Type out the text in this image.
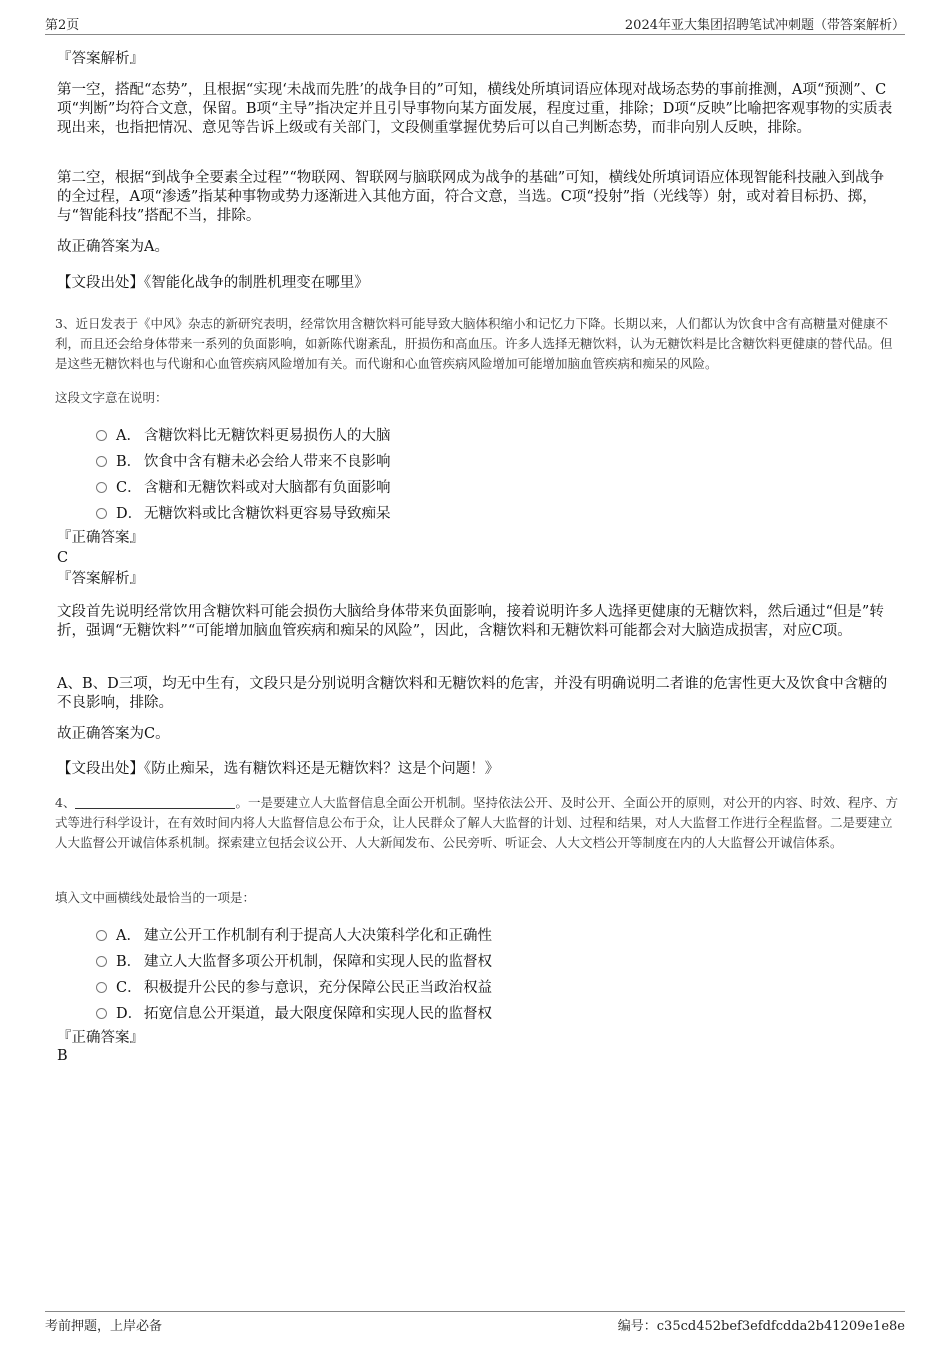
第2页	2024年亚大集团招聘笔试冲刺题（带答案解析）
『答案解析』
第一空，搭配“态势”，且根据“实现‘未战而先胜’的战争目的”可知，横线处所填词语应体现对战场态势的事前推测，A项“预测”、C项“判断”均符合文意，保留。B项“主导”指决定并且引导事物向某方面发展，程度过重，排除；D项“反映”比喻把客观事物的实质表现出来，也指把情况、意见等告诉上级或有关部门，文段侧重掌握优势后可以自己判断态势，而非向别人反映，排除。
第二空，根据“到战争全要素全过程”“物联网、智联网与脑联网成为战争的基础”可知，横线处所填词语应体现智能科技融入到战争的全过程，A项“渗透”指某种事物或势力逐渐进入其他方面，符合文意，当选。C项“投射”指（光线等）射，或对着目标扔、掷，与“智能科技”搭配不当，排除。
故正确答案为A。
【文段出处】《智能化战争的制胜机理变在哪里》
3、近日发表于《中风》杂志的新研究表明，经常饮用含糖饮料可能导致大脑体积缩小和记忆力下降。长期以来，人们都认为饮食中含有高糖量对健康不利，而且还会给身体带来一系列的负面影响，如新陈代谢紊乱，肝损伤和高血压。许多人选择无糖饮料，认为无糖饮料是比含糖饮料更健康的替代品。但是这些无糖饮料也与代谢和心血管疾病风险增加有关。而代谢和心血管疾病风险增加可能增加脑血管疾病和痴呆的风险。
这段文字意在说明：
A． 含糖饮料比无糖饮料更易损伤人的大脑
B． 饮食中含有糖未必会给人带来不良影响
C． 含糖和无糖饮料或对大脑都有负面影响
D． 无糖饮料或比含糖饮料更容易导致痴呆
『正确答案』
C
『答案解析』
文段首先说明经常饮用含糖饮料可能会损伤大脑给身体带来负面影响，接着说明许多人选择更健康的无糖饮料，然后通过“但是”转折，强调“无糖饮料”“可能增加脑血管疾病和痴呆的风险”，因此，含糖饮料和无糖饮料可能都会对大脑造成损害，对应C项。
A、B、D三项，均无中生有，文段只是分别说明含糖饮料和无糖饮料的危害，并没有明确说明二者谁的危害性更大及饮食中含糖的不良影响，排除。
故正确答案为C。
【文段出处】《防止痴呆，选有糖饮料还是无糖饮料？这是个问题！》
4、	。一是要建立人大监督信息全面公开机制。坚持依法公开、及时公开、全面公开的原则，对公开的内容、时效、程序、方式等进行科学设计，在有效时间内将人大监督信息公布于众，让人民群众了解人大监督的计划、过程和结果，对人大监督工作进行全程监督。二是要建立人大监督公开诚信体系机制。探索建立包括会议公开、人大新闻发布、公民旁听、听证会、人大文档公开等制度在内的人大监督公开诚信体系。
填入文中画横线处最恰当的一项是：
A． 建立公开工作机制有利于提高人大决策科学化和正确性
B． 建立人大监督多项公开机制，保障和实现人民的监督权
C． 积极提升公民的参与意识，充分保障公民正当政治权益
D． 拓宽信息公开渠道，最大限度保障和实现人民的监督权
『正确答案』
B
考前押题，上岸必备	编号：c35cd452bef3efdfcdda2b41209e1e8e
